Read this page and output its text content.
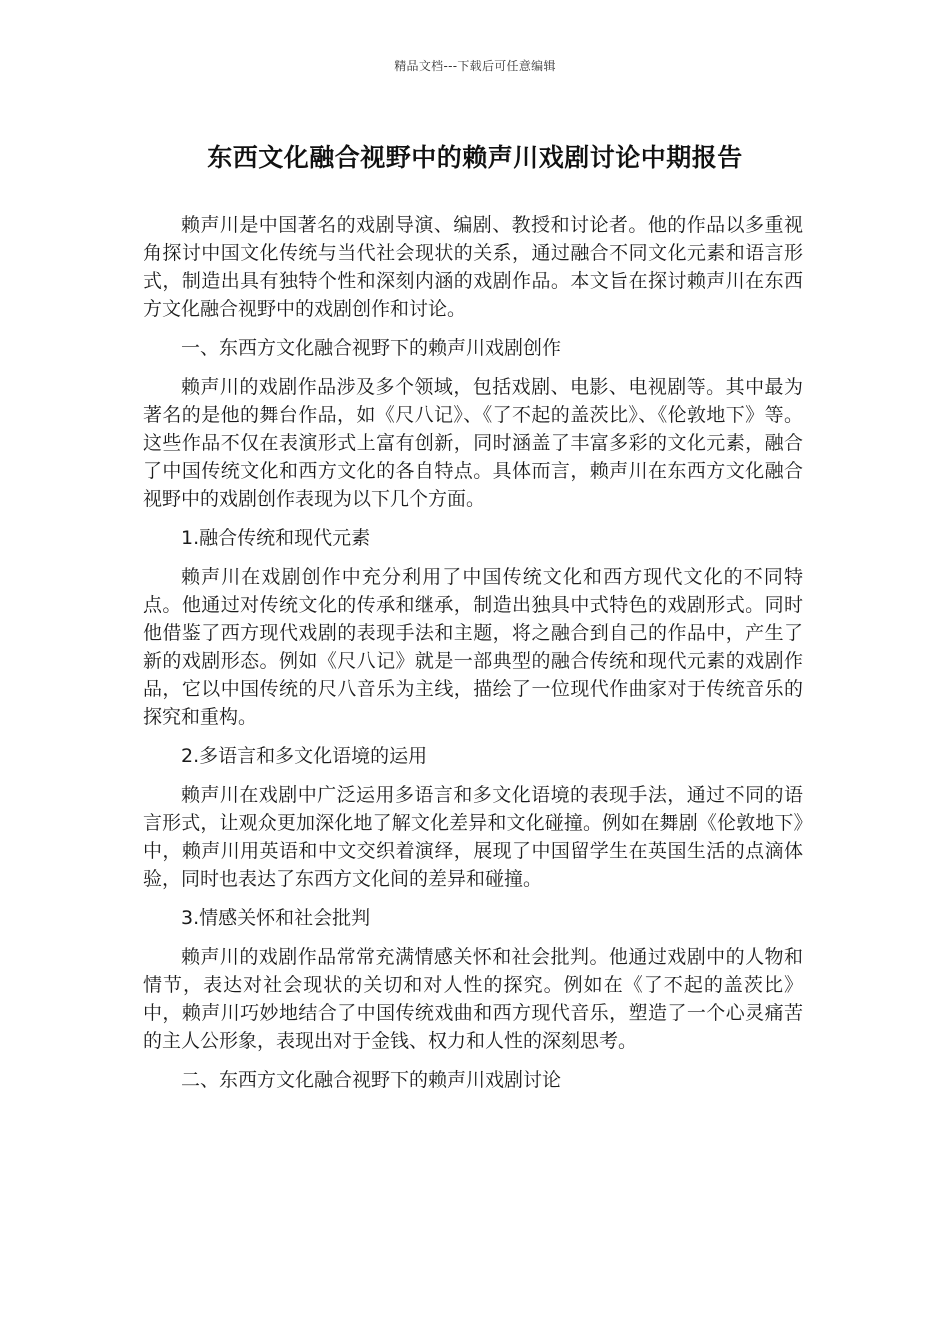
精品文档---下载后可任意编辑
东西文化融合视野中的赖声川戏剧讨论中期报告

赖声川是中国著名的戏剧导演、编剧、教授和讨论者。他的作品以多重视角探讨中国文化传统与当代社会现状的关系，通过融合不同文化元素和语言形式，制造出具有独特个性和深刻内涵的戏剧作品。本文旨在探讨赖声川在东西方文化融合视野中的戏剧创作和讨论。

一、东西方文化融合视野下的赖声川戏剧创作

赖声川的戏剧作品涉及多个领域，包括戏剧、电影、电视剧等。其中最为著名的是他的舞台作品，如《尺八记》、《了不起的盖茨比》、《伦敦地下》等。这些作品不仅在表演形式上富有创新，同时涵盖了丰富多彩的文化元素，融合了中国传统文化和西方文化的各自特点。具体而言，赖声川在东西方文化融合视野中的戏剧创作表现为以下几个方面。

1.融合传统和现代元素

赖声川在戏剧创作中充分利用了中国传统文化和西方现代文化的不同特点。他通过对传统文化的传承和继承，制造出独具中式特色的戏剧形式。同时他借鉴了西方现代戏剧的表现手法和主题，将之融合到自己的作品中，产生了新的戏剧形态。例如《尺八记》就是一部典型的融合传统和现代元素的戏剧作品，它以中国传统的尺八音乐为主线，描绘了一位现代作曲家对于传统音乐的探究和重构。

2.多语言和多文化语境的运用

赖声川在戏剧中广泛运用多语言和多文化语境的表现手法，通过不同的语言形式，让观众更加深化地了解文化差异和文化碰撞。例如在舞剧《伦敦地下》中，赖声川用英语和中文交织着演绎，展现了中国留学生在英国生活的点滴体验，同时也表达了东西方文化间的差异和碰撞。

3.情感关怀和社会批判

赖声川的戏剧作品常常充满情感关怀和社会批判。他通过戏剧中的人物和情节，表达对社会现状的关切和对人性的探究。例如在《了不起的盖茨比》中，赖声川巧妙地结合了中国传统戏曲和西方现代音乐，塑造了一个心灵痛苦的主人公形象，表现出对于金钱、权力和人性的深刻思考。

二、东西方文化融合视野下的赖声川戏剧讨论
